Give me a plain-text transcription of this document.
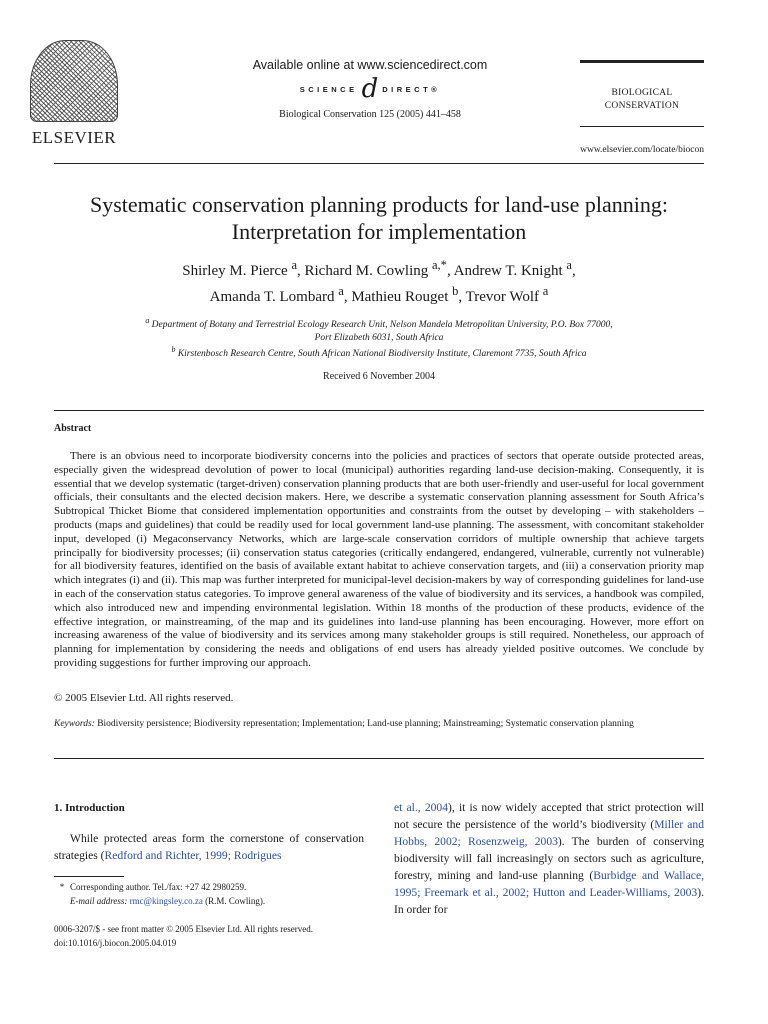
ELSEVIER
Available online at www.sciencedirect.com
SCIENCE d DIRECT®
Biological Conservation 125 (2005) 441–458
BIOLOGICAL
CONSERVATION
www.elsevier.com/locate/biocon
Systematic conservation planning products for land-use planning:
Interpretation for implementation
Shirley M. Pierce $^a$, Richard M. Cowling $^{a,*}$, Andrew T. Knight $^a$,
Amanda T. Lombard $^a$, Mathieu Rouget $^b$, Trevor Wolf $^a$
$^a$ Department of Botany and Terrestrial Ecology Research Unit, Nelson Mandela Metropolitan University, P.O. Box 77000,
Port Elizabeth 6031, South Africa
$^b$ Kirstenbosch Research Centre, South African National Biodiversity Institute, Claremont 7735, South Africa
Received 6 November 2004
Abstract
There is an obvious need to incorporate biodiversity concerns into the policies and practices of sectors that operate outside protected areas, especially given the widespread devolution of power to local (municipal) authorities regarding land-use decision-making. Consequently, it is essential that we develop systematic (target-driven) conservation planning products that are both user-friendly and user-useful for local government officials, their consultants and the elected decision makers. Here, we describe a systematic conservation planning assessment for South Africa’s Subtropical Thicket Biome that considered implementation opportunities and constraints from the outset by developing – with stakeholders – products (maps and guidelines) that could be readily used for local government land-use planning. The assessment, with concomitant stakeholder input, developed (i) Megaconservancy Networks, which are large-scale conservation corridors of multiple ownership that achieve targets principally for biodiversity processes; (ii) conservation status categories (critically endangered, endangered, vulnerable, currently not vulnerable) for all biodiversity features, identified on the basis of available extant habitat to achieve conservation targets, and (iii) a conservation priority map which integrates (i) and (ii). This map was further interpreted for municipal-level decision-makers by way of corresponding guidelines for land-use in each of the conservation status categories. To improve general awareness of the value of biodiversity and its services, a handbook was compiled, which also introduced new and impending environmental legislation. Within 18 months of the production of these products, evidence of the effective integration, or mainstreaming, of the map and its guidelines into land-use planning has been encouraging. However, more effort on increasing awareness of the value of biodiversity and its services among many stakeholder groups is still required. Nonetheless, our approach of planning for implementation by considering the needs and obligations of end users has already yielded positive outcomes. We conclude by providing suggestions for further improving our approach.
© 2005 Elsevier Ltd. All rights reserved.
Keywords: Biodiversity persistence; Biodiversity representation; Implementation; Land-use planning; Mainstreaming; Systematic conservation planning
1. Introduction
While protected areas form the cornerstone of conservation strategies (Redford and Richter, 1999; Rodrigues
* Corresponding author. Tel./fax: +27 42 2980259.
E-mail address: rmc@kingsley.co.za (R.M. Cowling).
0006-3207/$ - see front matter © 2005 Elsevier Ltd. All rights reserved.
doi:10.1016/j.biocon.2005.04.019
et al., 2004), it is now widely accepted that strict protection will not secure the persistence of the world’s biodiversity (Miller and Hobbs, 2002; Rosenzweig, 2003). The burden of conserving biodiversity will fall increasingly on sectors such as agriculture, forestry, mining and land-use planning (Burbidge and Wallace, 1995; Freemark et al., 2002; Hutton and Leader-Williams, 2003). In order for
